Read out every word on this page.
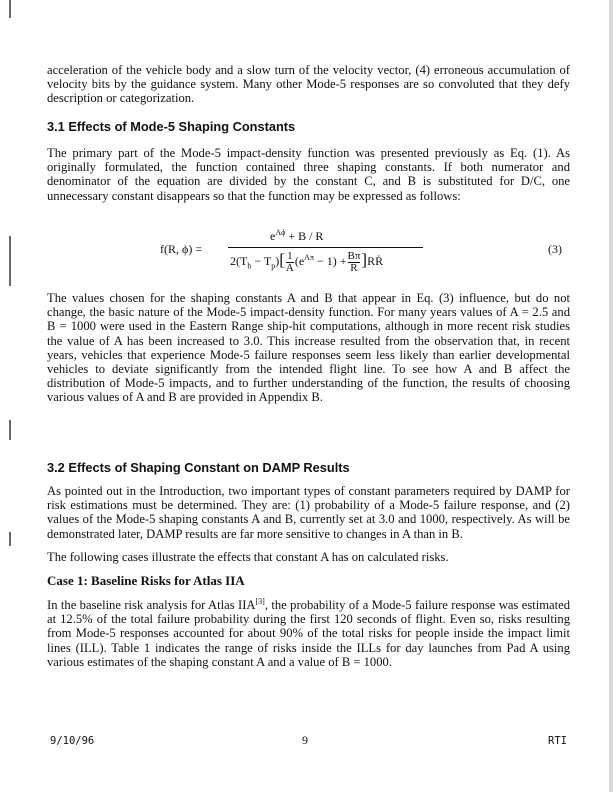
acceleration of the vehicle body and a slow turn of the velocity vector, (4) erroneous accumulation of velocity bits by the guidance system. Many other Mode-5 responses are so convoluted that they defy description or categorization.

3.1 Effects of Mode-5 Shaping Constants

The primary part of the Mode-5 impact-density function was presented previously as Eq. (1). As originally formulated, the function contained three shaping constants. If both numerator and denominator of the equation are divided by the constant C, and B is substituted for D/C, one unnecessary constant disappears so that the function may be expressed as follows:

f(R, ϕ) =
$e^{A\phi} + B / R$
$2(T_b - T_p)[ \frac{1}{A} (e^{A\pi} - 1) + \frac{B\pi}{R}$ ]RṘ
(3)

The values chosen for the shaping constants A and B that appear in Eq. (3) influence, but do not change, the basic nature of the Mode-5 impact-density function. For many years values of A = 2.5 and B = 1000 were used in the Eastern Range ship-hit computations, although in more recent risk studies the value of A has been increased to 3.0. This increase resulted from the observation that, in recent years, vehicles that experience Mode-5 failure responses seem less likely than earlier developmental vehicles to deviate significantly from the intended flight line. To see how A and B affect the distribution of Mode-5 impacts, and to further understanding of the function, the results of choosing various values of A and B are provided in Appendix B.

3.2 Effects of Shaping Constant on DAMP Results

As pointed out in the Introduction, two important types of constant parameters required by DAMP for risk estimations must be determined. They are: (1) probability of a Mode-5 failure response, and (2) values of the Mode-5 shaping constants A and B, currently set at 3.0 and 1000, respectively. As will be demonstrated later, DAMP results are far more sensitive to changes in A than in B.

The following cases illustrate the effects that constant A has on calculated risks.

Case 1: Baseline Risks for Atlas IIA

In the baseline risk analysis for Atlas IIA[3], the probability of a Mode-5 failure response was estimated at 12.5% of the total failure probability during the first 120 seconds of flight. Even so, risks resulting from Mode-5 responses accounted for about 90% of the total risks for people inside the impact limit lines (ILL). Table 1 indicates the range of risks inside the ILLs for day launches from Pad A using various estimates of the shaping constant A and a value of B = 1000.

9/10/96	9	RTI
